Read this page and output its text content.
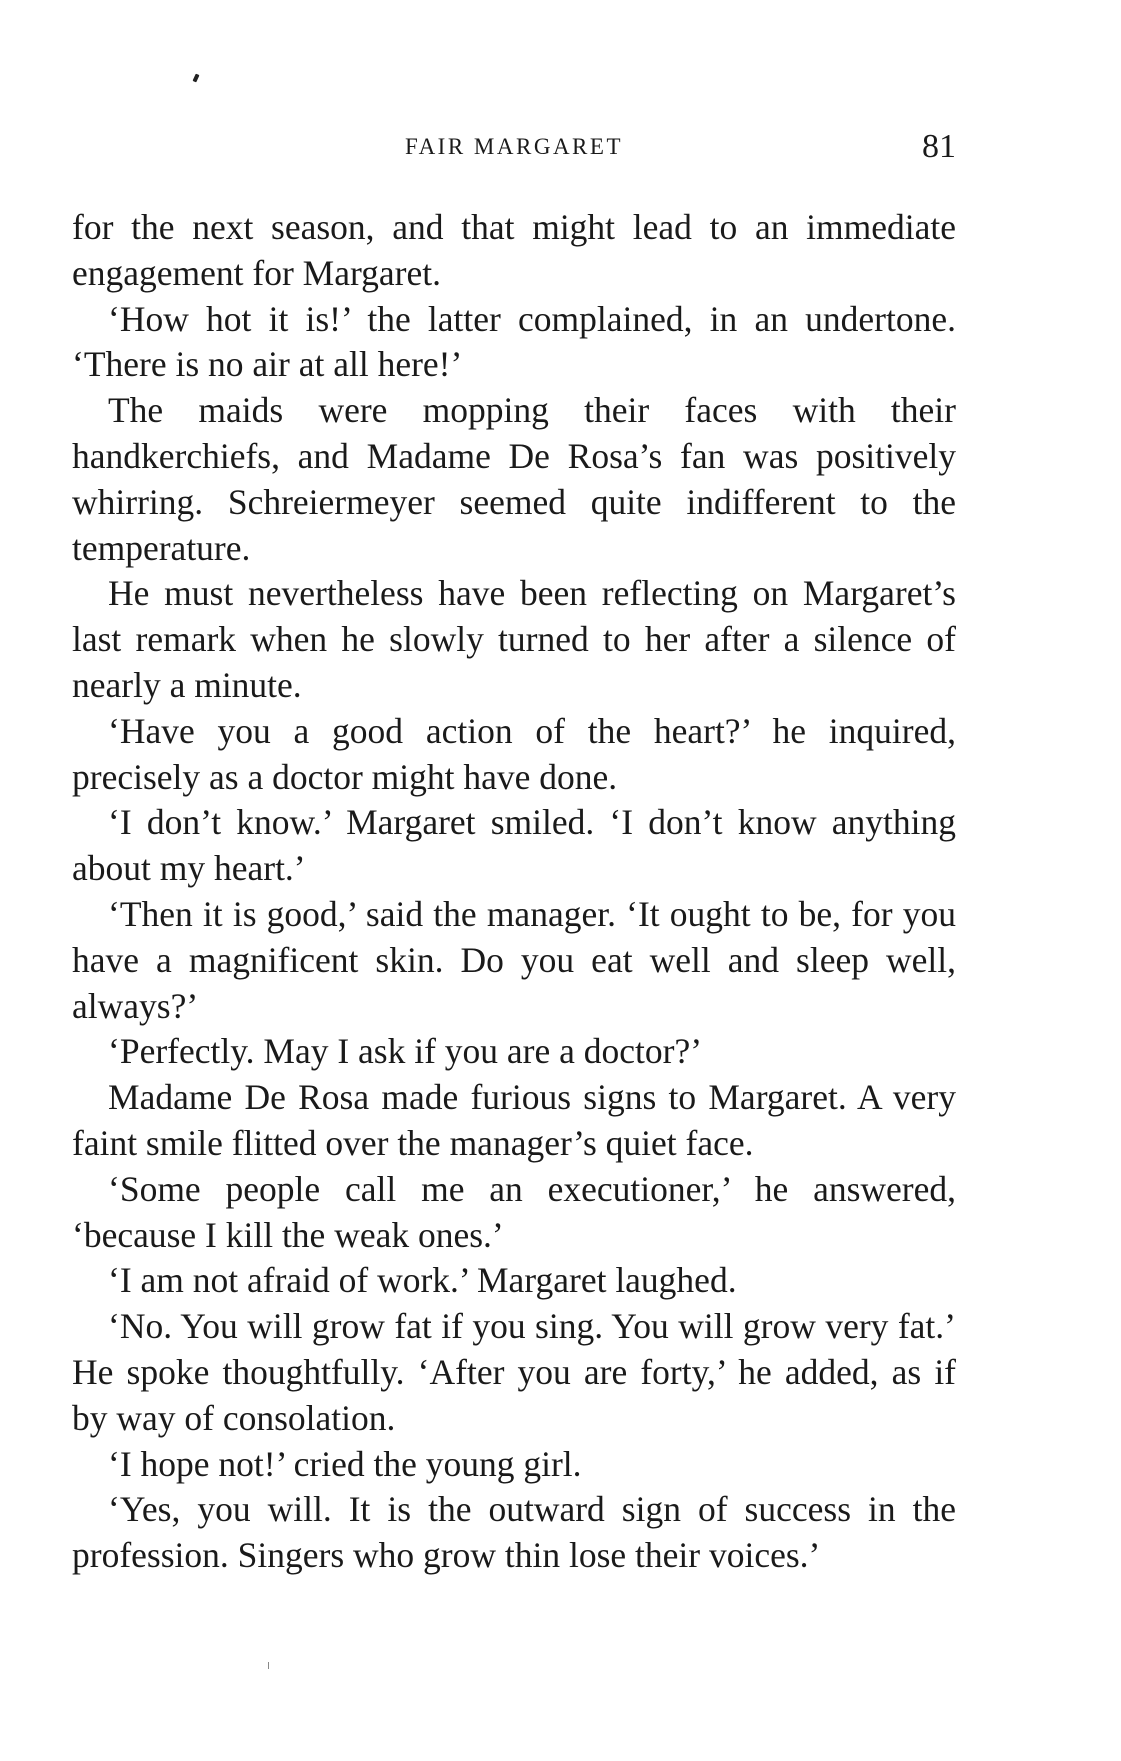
FAIR MARGARET	81

for the next season, and that might lead to an immediate engagement for Margaret.

‘How hot it is!’ the latter complained, in an undertone. ‘There is no air at all here!’

The maids were mopping their faces with their handkerchiefs, and Madame De Rosa’s fan was positively whirring. Schreiermeyer seemed quite indifferent to the temperature.

He must nevertheless have been reflecting on Margaret’s last remark when he slowly turned to her after a silence of nearly a minute.

‘Have you a good action of the heart?’ he inquired, precisely as a doctor might have done.

‘I don’t know.’ Margaret smiled. ‘I don’t know anything about my heart.’

‘Then it is good,’ said the manager. ‘It ought to be, for you have a magnificent skin. Do you eat well and sleep well, always?’

‘Perfectly. May I ask if you are a doctor?’

Madame De Rosa made furious signs to Margaret. A very faint smile flitted over the manager’s quiet face.

‘Some people call me an executioner,’ he answered, ‘because I kill the weak ones.’

‘I am not afraid of work.’ Margaret laughed.

‘No. You will grow fat if you sing. You will grow very fat.’ He spoke thoughtfully. ‘After you are forty,’ he added, as if by way of consolation.

‘I hope not!’ cried the young girl.

‘Yes, you will. It is the outward sign of success in the profession. Singers who grow thin lose their voices.’
